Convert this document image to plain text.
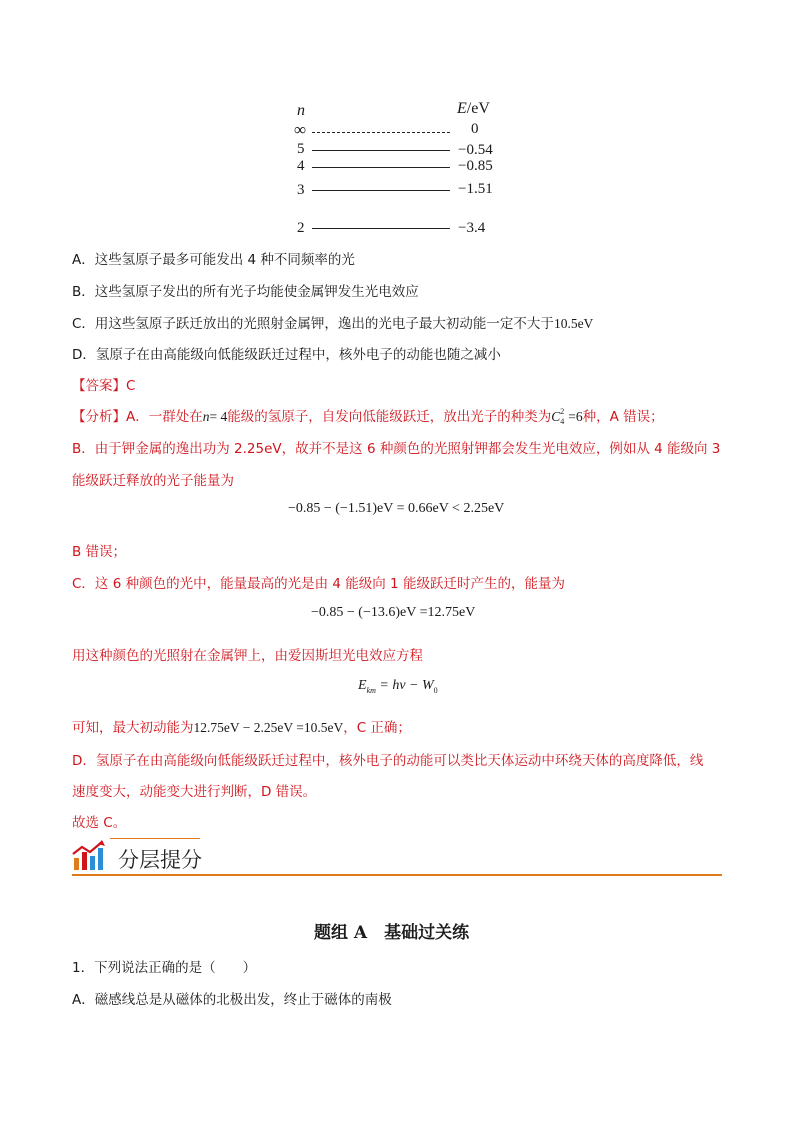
n	E/eV
∞	0
5	−0.54
4	−0.85
3	−1.51
2	−3.4
A．这些氢原子最多可能发出 4 种不同频率的光
B．这些氢原子发出的所有光子均能使金属钾发生光电效应
C．用这些氢原子跃迁放出的光照射金属钾，逸出的光电子最大初动能一定不大于10.5eV
D．氢原子在由高能级向低能级跃迁过程中，核外电子的动能也随之减小
【答案】C
【分析】A．一群处在n= 4能级的氢原子，自发向低能级跃迁，放出光子的种类为$C^2_4 =6$种，A 错误；
B．由于钾金属的逸出功为 2.25eV，故并不是这 6 种颜色的光照射钾都会发生光电效应，例如从 4 能级向 3
能级跃迁释放的光子能量为
−0.85 − (−1.51)eV = 0.66eV < 2.25eV
B 错误；
C．这 6 种颜色的光中，能量最高的光是由 4 能级向 1 能级跃迁时产生的，能量为
−0.85 − (−13.6)eV =12.75eV
用这种颜色的光照射在金属钾上，由爱因斯坦光电效应方程
$E_{km} = h\nu - W_0$
可知，最大初动能为12.75eV − 2.25eV =10.5eV，C 正确；
D．氢原子在由高能级向低能级跃迁过程中，核外电子的动能可以类比天体运动中环绕天体的高度降低，线
速度变大，动能变大进行判断，D 错误。
故选 C。
分层提分
题组 A　基础过关练
1．下列说法正确的是（　　）
A．磁感线总是从磁体的北极出发，终止于磁体的南极
